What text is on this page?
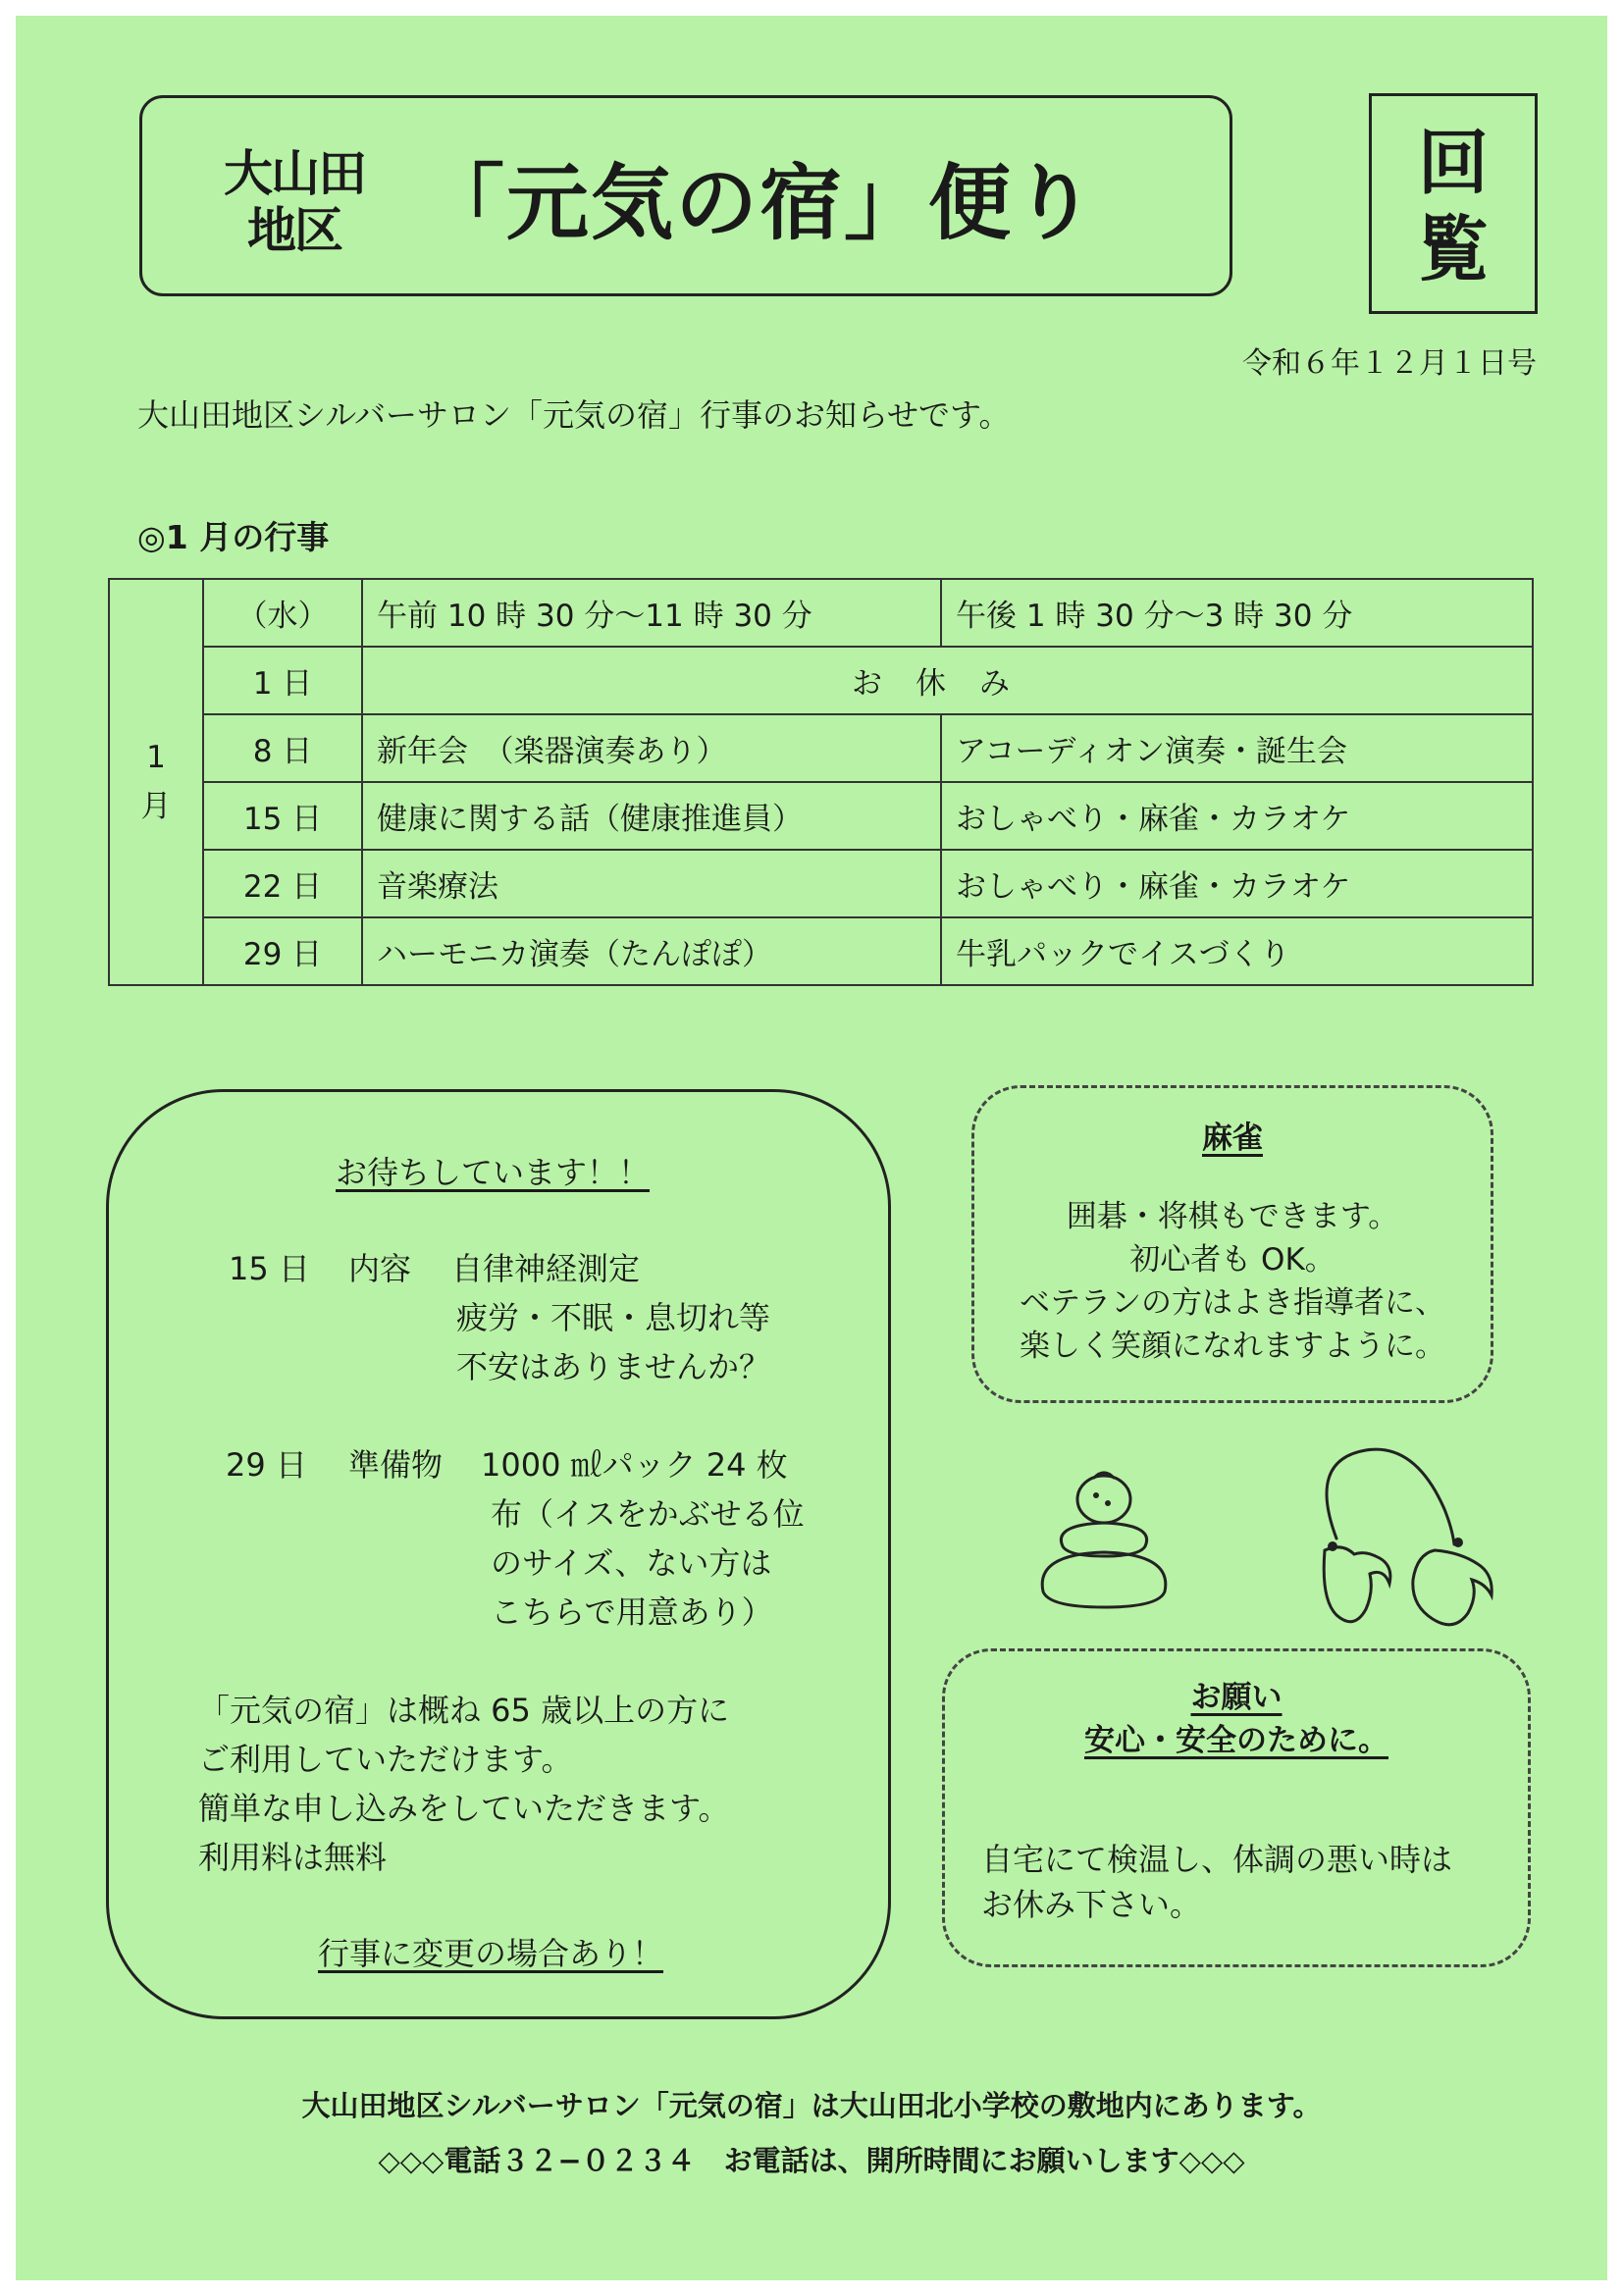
大山田
地区 「元気の宿」便り	回
覧
令和６年１２月１日号
大山田地区シルバーサロン「元気の宿」行事のお知らせです。
◎1 月の行事
1
月	（水）	午前 10 時 30 分～11 時 30 分	午後 1 時 30 分～3 時 30 分
	1 日	お休み	
	8 日	新年会　（楽器演奏あり）	アコーディオン演奏・誕生会
	15 日	健康に関する話（健康推進員）	おしゃべり・麻雀・カラオケ
	22 日	音楽療法	おしゃべり・麻雀・カラオケ
	29 日	ハーモニカ演奏（たんぽぽ）	牛乳パックでイスづくり
お待ちしています！！
15 日 内容 自律神経測定
疲労・不眠・息切れ等
不安はありませんか？
29 日 準備物 1000 ㎖パック 24 枚
布（イスをかぶせる位
のサイズ、ない方は
こちらで用意あり）
「元気の宿」は概ね 65 歳以上の方に
ご利用していただけます。
簡単な申し込みをしていただきます。
利用料は無料
行事に変更の場合あり！
麻雀
囲碁・将棋もできます。
初心者も OK。
ベテランの方はよき指導者に、
楽しく笑顔になれますように。
お願い
安心・安全のために。
自宅にて検温し、体調の悪い時は
お休み下さい。
大山田地区シルバーサロン「元気の宿」は大山田北小学校の敷地内にあります。
◇◇◇電話３２−０２３４　お電話は、開所時間にお願いします◇◇◇
